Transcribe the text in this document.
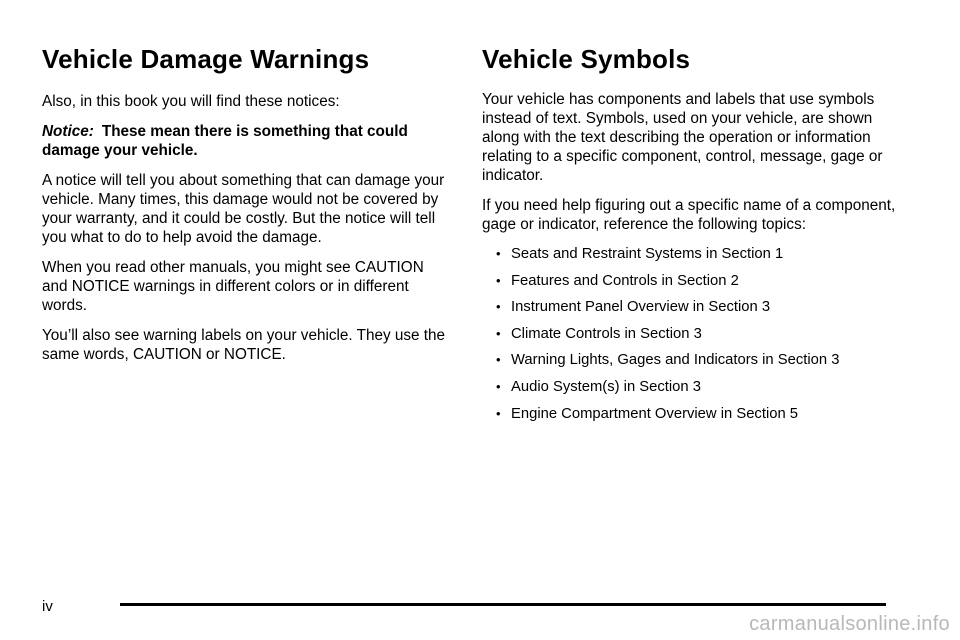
Vehicle Damage Warnings

Also, in this book you will find these notices:

Notice: These mean there is something that could damage your vehicle.

A notice will tell you about something that can damage your vehicle. Many times, this damage would not be covered by your warranty, and it could be costly. But the notice will tell you what to do to help avoid the damage.

When you read other manuals, you might see CAUTION and NOTICE warnings in different colors or in different words.

You’ll also see warning labels on your vehicle. They use the same words, CAUTION or NOTICE.

Vehicle Symbols

Your vehicle has components and labels that use symbols instead of text. Symbols, used on your vehicle, are shown along with the text describing the operation or information relating to a specific component, control, message, gage or indicator.

If you need help figuring out a specific name of a component, gage or indicator, reference the following topics:

• Seats and Restraint Systems in Section 1
• Features and Controls in Section 2
• Instrument Panel Overview in Section 3
• Climate Controls in Section 3
• Warning Lights, Gages and Indicators in Section 3
• Audio System(s) in Section 3
• Engine Compartment Overview in Section 5
iv
carmanualsonline.info
